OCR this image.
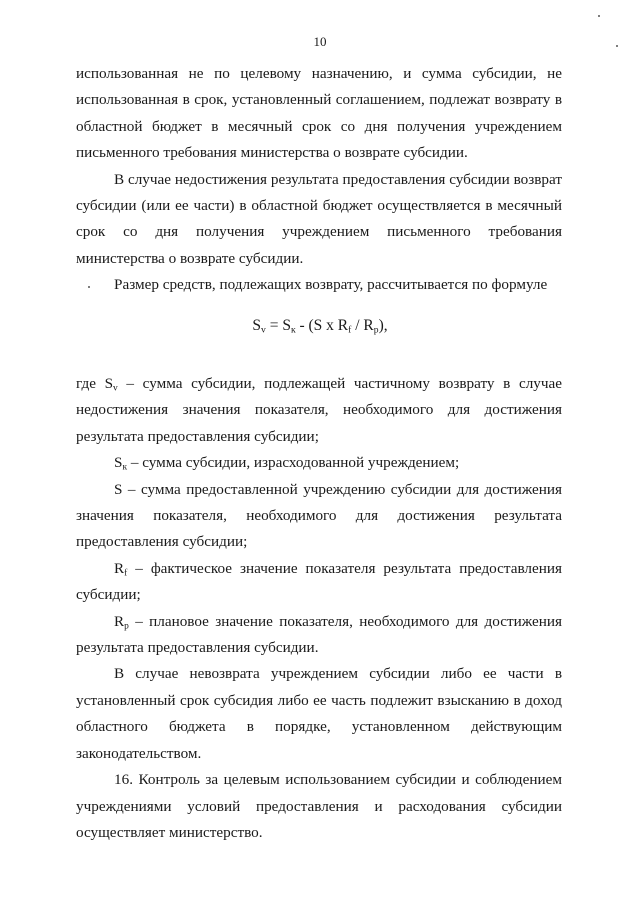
10

использованная не по целевому назначению, и сумма субсидии, не использованная в срок, установленный соглашением, подлежат возврату в областной бюджет в месячный срок со дня получения учреждением письменного требования министерства о возврате субсидии.

В случае недостижения результата предоставления субсидии возврат субсидии (или ее части) в областной бюджет осуществляется в месячный срок со дня получения учреждением письменного требования министерства о возврате субсидии.

Размер средств, подлежащих возврату, рассчитывается по формуле

$S_v = S_к - (S$ x $R_f / R_p$),

где $S_v$ – сумма субсидии, подлежащей частичному возврату в случае недостижения значения показателя, необходимого для достижения результата предоставления субсидии;

$S_к$ – сумма субсидии, израсходованной учреждением;

S – сумма предоставленной учреждению субсидии для достижения значения показателя, необходимого для достижения результата предоставления субсидии;

$R_f$ – фактическое значение показателя результата предоставления субсидии;

$R_p$ – плановое значение показателя, необходимого для достижения результата предоставления субсидии.

В случае невозврата учреждением субсидии либо ее части в установленный срок субсидия либо ее часть подлежит взысканию в доход областного бюджета в порядке, установленном действующим законодательством.

16. Контроль за целевым использованием субсидии и соблюдением учреждениями условий предоставления и расходования субсидии осуществляет министерство.
